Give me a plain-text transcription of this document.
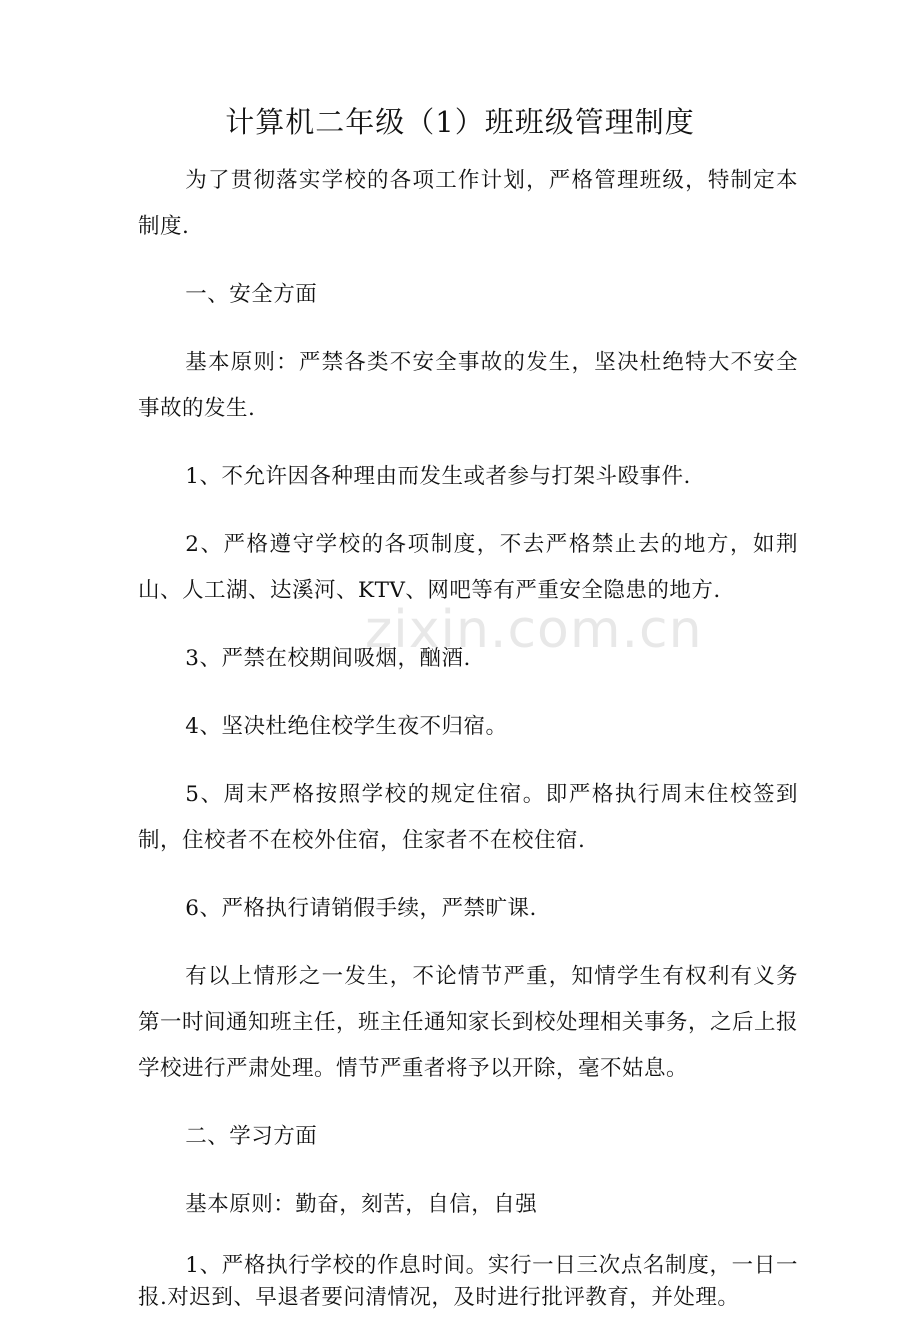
计算机二年级（1）班班级管理制度

为了贯彻落实学校的各项工作计划，严格管理班级，特制定本制度.

一、安全方面

基本原则：严禁各类不安全事故的发生，坚决杜绝特大不安全事故的发生.

1、不允许因各种理由而发生或者参与打架斗殴事件.

2、严格遵守学校的各项制度，不去严格禁止去的地方，如荆山、人工湖、达溪河、KTV、网吧等有严重安全隐患的地方.

3、严禁在校期间吸烟，酗酒.

4、坚决杜绝住校学生夜不归宿。

5、周末严格按照学校的规定住宿。即严格执行周末住校签到制，住校者不在校外住宿，住家者不在校住宿.

6、严格执行请销假手续，严禁旷课.

有以上情形之一发生，不论情节严重，知情学生有权利有义务第一时间通知班主任，班主任通知家长到校处理相关事务，之后上报学校进行严肃处理。情节严重者将予以开除，毫不姑息。

二、学习方面

基本原则：勤奋，刻苦，自信，自强

1、严格执行学校的作息时间。实行一日三次点名制度，一日一报.对迟到、早退者要问清情况，及时进行批评教育，并处理。

zixin.com.cn
